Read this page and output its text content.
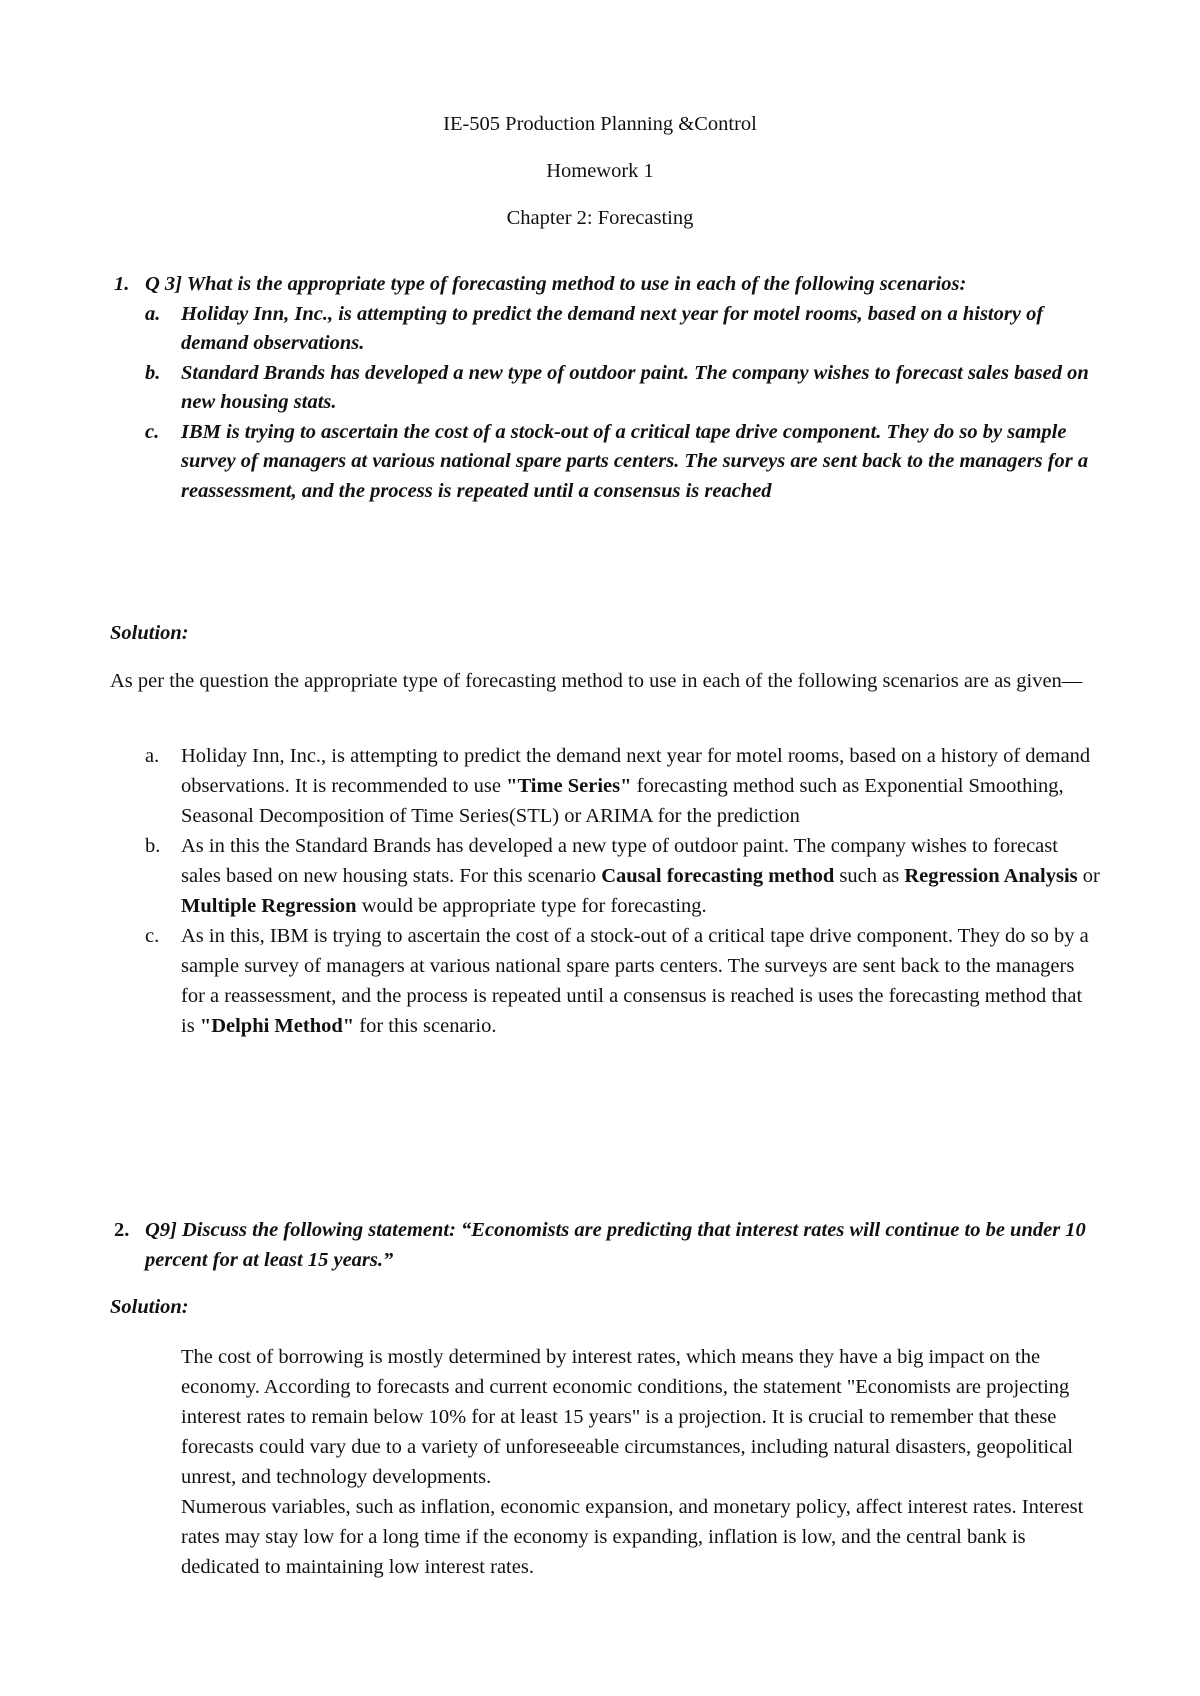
IE-505 Production Planning &Control
Homework 1
Chapter 2: Forecasting
1. Q 3] What is the appropriate type of forecasting method to use in each of the following scenarios:
a. Holiday Inn, Inc., is attempting to predict the demand next year for motel rooms, based on a history of demand observations.
b. Standard Brands has developed a new type of outdoor paint. The company wishes to forecast sales based on new housing stats.
c. IBM is trying to ascertain the cost of a stock-out of a critical tape drive component. They do so by sample survey of managers at various national spare parts centers. The surveys are sent back to the managers for a reassessment, and the process is repeated until a consensus is reached
Solution:
As per the question the appropriate type of forecasting method to use in each of the following scenarios are as given—
a. Holiday Inn, Inc., is attempting to predict the demand next year for motel rooms, based on a history of demand observations. It is recommended to use "Time Series" forecasting method such as Exponential Smoothing, Seasonal Decomposition of Time Series(STL) or ARIMA for the prediction
b. As in this the Standard Brands has developed a new type of outdoor paint. The company wishes to forecast sales based on new housing stats. For this scenario Causal forecasting method such as Regression Analysis or Multiple Regression would be appropriate type for forecasting.
c. As in this, IBM is trying to ascertain the cost of a stock-out of a critical tape drive component. They do so by a sample survey of managers at various national spare parts centers. The surveys are sent back to the managers for a reassessment, and the process is repeated until a consensus is reached is uses the forecasting method that is "Delphi Method" for this scenario.
2. Q9] Discuss the following statement: “Economists are predicting that interest rates will continue to be under 10 percent for at least 15 years.”
Solution:

The cost of borrowing is mostly determined by interest rates, which means they have a big impact on the economy. According to forecasts and current economic conditions, the statement "Economists are projecting interest rates to remain below 10% for at least 15 years" is a projection. It is crucial to remember that these forecasts could vary due to a variety of unforeseeable circumstances, including natural disasters, geopolitical unrest, and technology developments.

Numerous variables, such as inflation, economic expansion, and monetary policy, affect interest rates. Interest rates may stay low for a long time if the economy is expanding, inflation is low, and the central bank is dedicated to maintaining low interest rates.
